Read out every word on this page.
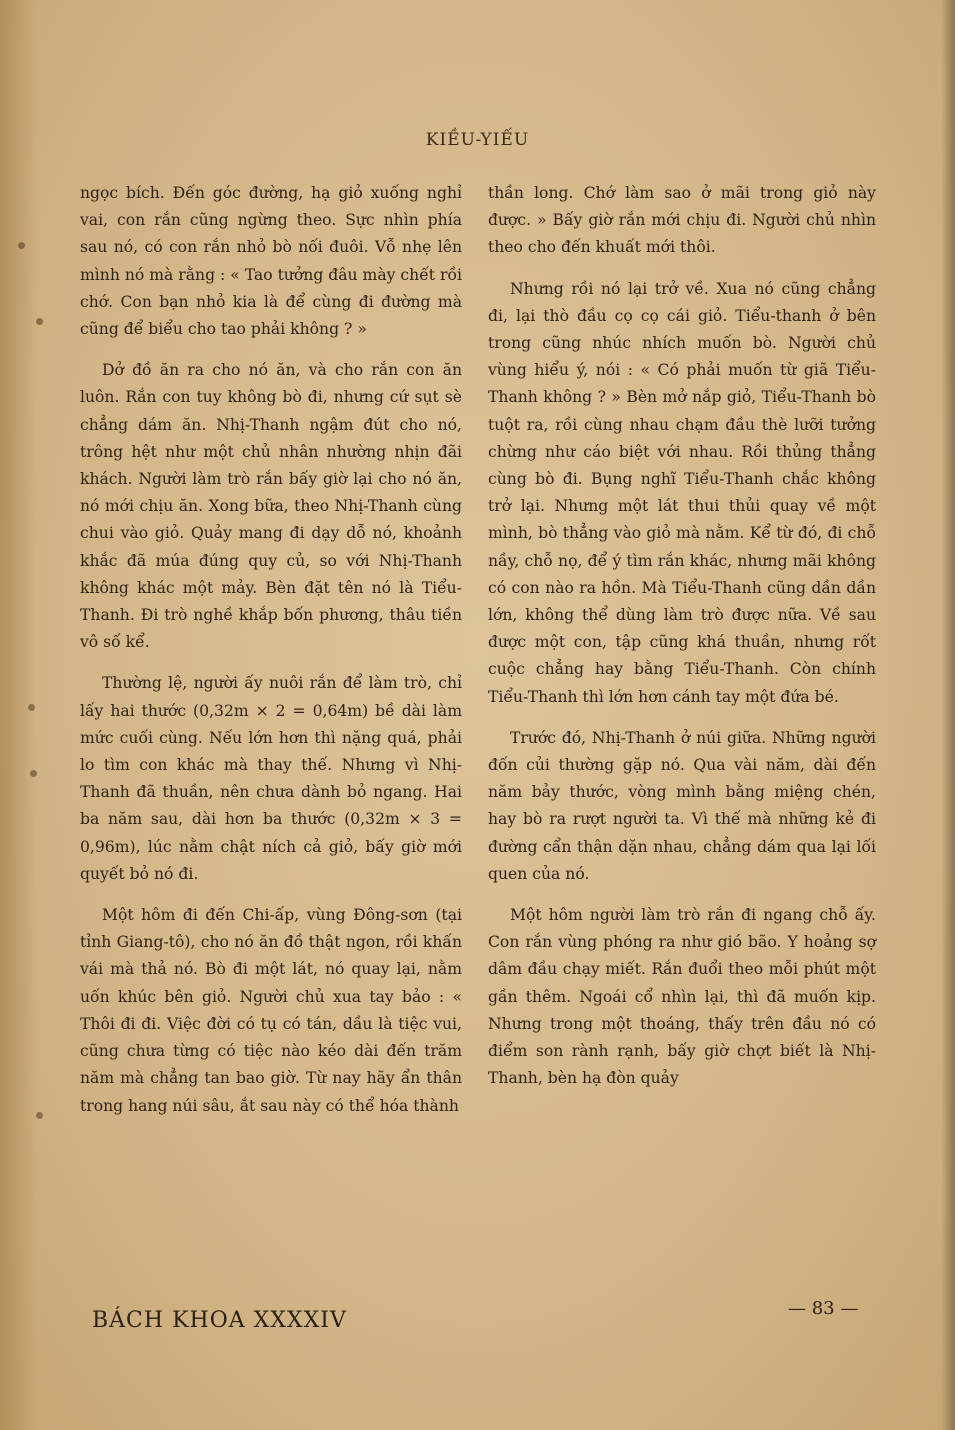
KIỀU-YIẾU

ngọc bích. Đến góc đường, hạ giỏ xuống nghỉ vai, con rắn cũng ngừng theo. Sực nhìn phía sau nó, có con rắn nhỏ bò nối đuôi. Vỗ nhẹ lên mình nó mà rằng : « Tao tưởng đâu mày chết rồi chớ. Con bạn nhỏ kia là để cùng đi đường mà cũng để biểu cho tao phải không ? »

Dở đồ ăn ra cho nó ăn, và cho rắn con ăn luôn. Rắn con tuy không bò đi, nhưng cứ sụt sè chẳng dám ăn. Nhị-Thanh ngậm đút cho nó, trông hệt như một chủ nhân nhường nhịn đãi khách. Người làm trò rắn bấy giờ lại cho nó ăn, nó mới chịu ăn. Xong bữa, theo Nhị-Thanh cùng chui vào giỏ. Quảy mang đi dạy dỗ nó, khoảnh khắc đã múa đúng quy củ, so với Nhị-Thanh không khác một mảy. Bèn đặt tên nó là Tiểu-Thanh. Đi trò nghề khắp bốn phương, thâu tiền vô số kể.

Thường lệ, người ấy nuôi rắn để làm trò, chỉ lấy hai thước (0,32m × 2 = 0,64m) bề dài làm mức cuối cùng. Nếu lớn hơn thì nặng quá, phải lo tìm con khác mà thay thế. Nhưng vì Nhị-Thanh đã thuần, nên chưa dành bỏ ngang. Hai ba năm sau, dài hơn ba thước (0,32m × 3 = 0,96m), lúc nằm chật ních cả giỏ, bấy giờ mới quyết bỏ nó đi.

Một hôm đi đến Chi-ấp, vùng Đông-sơn (tại tỉnh Giang-tô), cho nó ăn đồ thật ngon, rồi khấn vái mà thả nó. Bò đi một lát, nó quay lại, nằm uốn khúc bên giỏ. Người chủ xua tay bảo : « Thôi đi đi. Việc đời có tụ có tán, dầu là tiệc vui, cũng chưa từng có tiệc nào kéo dài đến trăm năm mà chẳng tan bao giờ. Từ nay hãy ẩn thân trong hang núi sâu, ắt sau này có thể hóa thành

thần long. Chớ làm sao ở mãi trong giỏ này được. » Bấy giờ rắn mới chịu đi. Người chủ nhìn theo cho đến khuất mới thôi.

Nhưng rồi nó lại trở về. Xua nó cũng chẳng đi, lại thò đầu cọ cọ cái giỏ. Tiểu-thanh ở bên trong cũng nhúc nhích muốn bò. Người chủ vùng hiểu ý, nói : « Có phải muốn từ giã Tiểu-Thanh không ? » Bèn mở nắp giỏ, Tiểu-Thanh bò tuột ra, rồi cùng nhau chạm đầu thè lưỡi tưởng chừng như cáo biệt với nhau. Rồi thủng thẳng cùng bò đi. Bụng nghĩ Tiểu-Thanh chắc không trở lại. Nhưng một lát thui thủi quay về một mình, bò thẳng vào giỏ mà nằm. Kể từ đó, đi chỗ nầy, chỗ nọ, để ý tìm rắn khác, nhưng mãi không có con nào ra hồn. Mà Tiểu-Thanh cũng dần dần lớn, không thể dùng làm trò được nữa. Về sau được một con, tập cũng khá thuần, nhưng rốt cuộc chẳng hay bằng Tiểu-Thanh. Còn chính Tiểu-Thanh thì lớn hơn cánh tay một đứa bé.

Trước đó, Nhị-Thanh ở núi giữa. Những người đốn củi thường gặp nó. Qua vài năm, dài đến năm bảy thước, vòng mình bằng miệng chén, hay bò ra rượt người ta. Vì thế mà những kẻ đi đường cẩn thận dặn nhau, chẳng dám qua lại lối quen của nó.

Một hôm người làm trò rắn đi ngang chỗ ấy. Con rắn vùng phóng ra như gió bão. Y hoảng sợ dâm đầu chạy miết. Rắn đuổi theo mỗi phút một gần thêm. Ngoái cổ nhìn lại, thì đã muốn kịp. Nhưng trong một thoáng, thấy trên đầu nó có điểm son rành rạnh, bấy giờ chợt biết là Nhị-Thanh, bèn hạ đòn quảy

BÁCH KHOA XXXXIV	— 83 —
